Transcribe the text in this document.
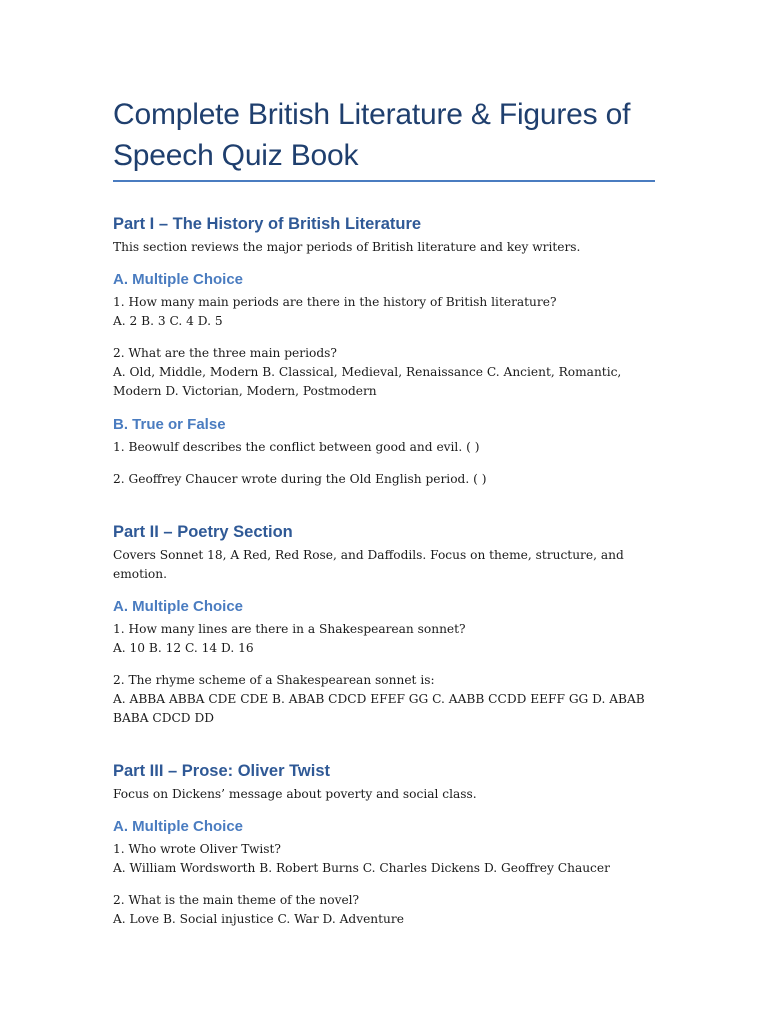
Complete British Literature & Figures of Speech Quiz Book
Part I – The History of British Literature

This section reviews the major periods of British literature and key writers.

A. Multiple Choice
1. How many main periods are there in the history of British literature?
A. 2 B. 3 C. 4 D. 5
2. What are the three main periods?
A. Old, Middle, Modern B. Classical, Medieval, Renaissance C. Ancient, Romantic, Modern D. Victorian, Modern, Postmodern
B. True or False
1. Beowulf describes the conflict between good and evil. ( )
2. Geoffrey Chaucer wrote during the Old English period. ( )
Part II – Poetry Section

Covers Sonnet 18, A Red, Red Rose, and Daffodils. Focus on theme, structure, and emotion.

A. Multiple Choice
1. How many lines are there in a Shakespearean sonnet?
A. 10 B. 12 C. 14 D. 16
2. The rhyme scheme of a Shakespearean sonnet is:
A. ABBA ABBA CDE CDE B. ABAB CDCD EFEF GG C. AABB CCDD EEFF GG D. ABAB BABA CDCD DD
Part III – Prose: Oliver Twist

Focus on Dickens’ message about poverty and social class.

A. Multiple Choice
1. Who wrote Oliver Twist?
A. William Wordsworth B. Robert Burns C. Charles Dickens D. Geoffrey Chaucer
2. What is the main theme of the novel?
A. Love B. Social injustice C. War D. Adventure
